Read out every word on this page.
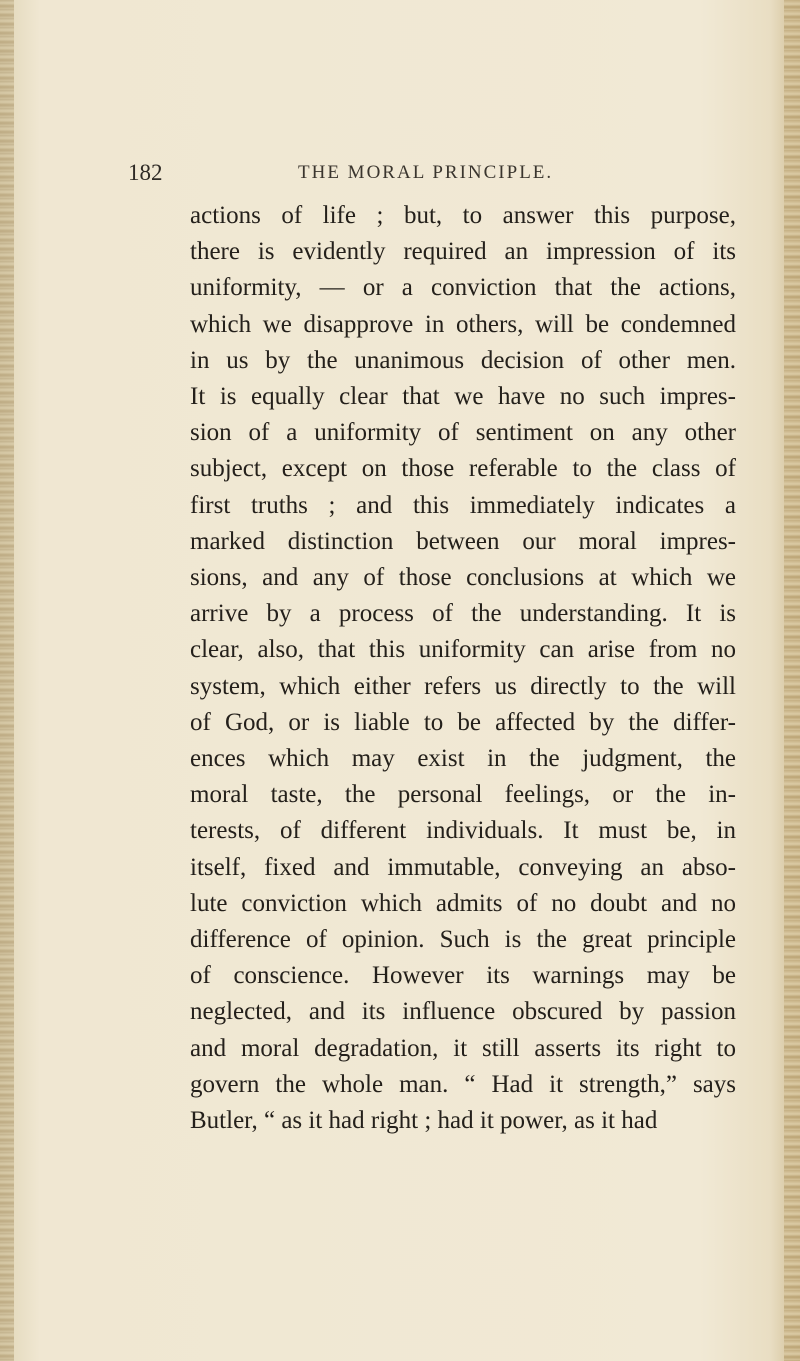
182	THE MORAL PRINCIPLE.
actions of life ; but, to answer this purpose,
there is evidently required an impression of its
uniformity, — or a conviction that the actions,
which we disapprove in others, will be condemned
in us by the unanimous decision of other men.
It is equally clear that we have no such impres-
sion of a uniformity of sentiment on any other
subject, except on those referable to the class of
first truths ; and this immediately indicates a
marked distinction between our moral impres-
sions, and any of those conclusions at which we
arrive by a process of the understanding. It is
clear, also, that this uniformity can arise from no
system, which either refers us directly to the will
of God, or is liable to be affected by the differ-
ences which may exist in the judgment, the
moral taste, the personal feelings, or the in-
terests, of different individuals. It must be, in
itself, fixed and immutable, conveying an abso-
lute conviction which admits of no doubt and no
difference of opinion. Such is the great principle
of conscience. However its warnings may be
neglected, and its influence obscured by passion
and moral degradation, it still asserts its right to
govern the whole man. “ Had it strength,” says
Butler, “ as it had right ; had it power, as it had
